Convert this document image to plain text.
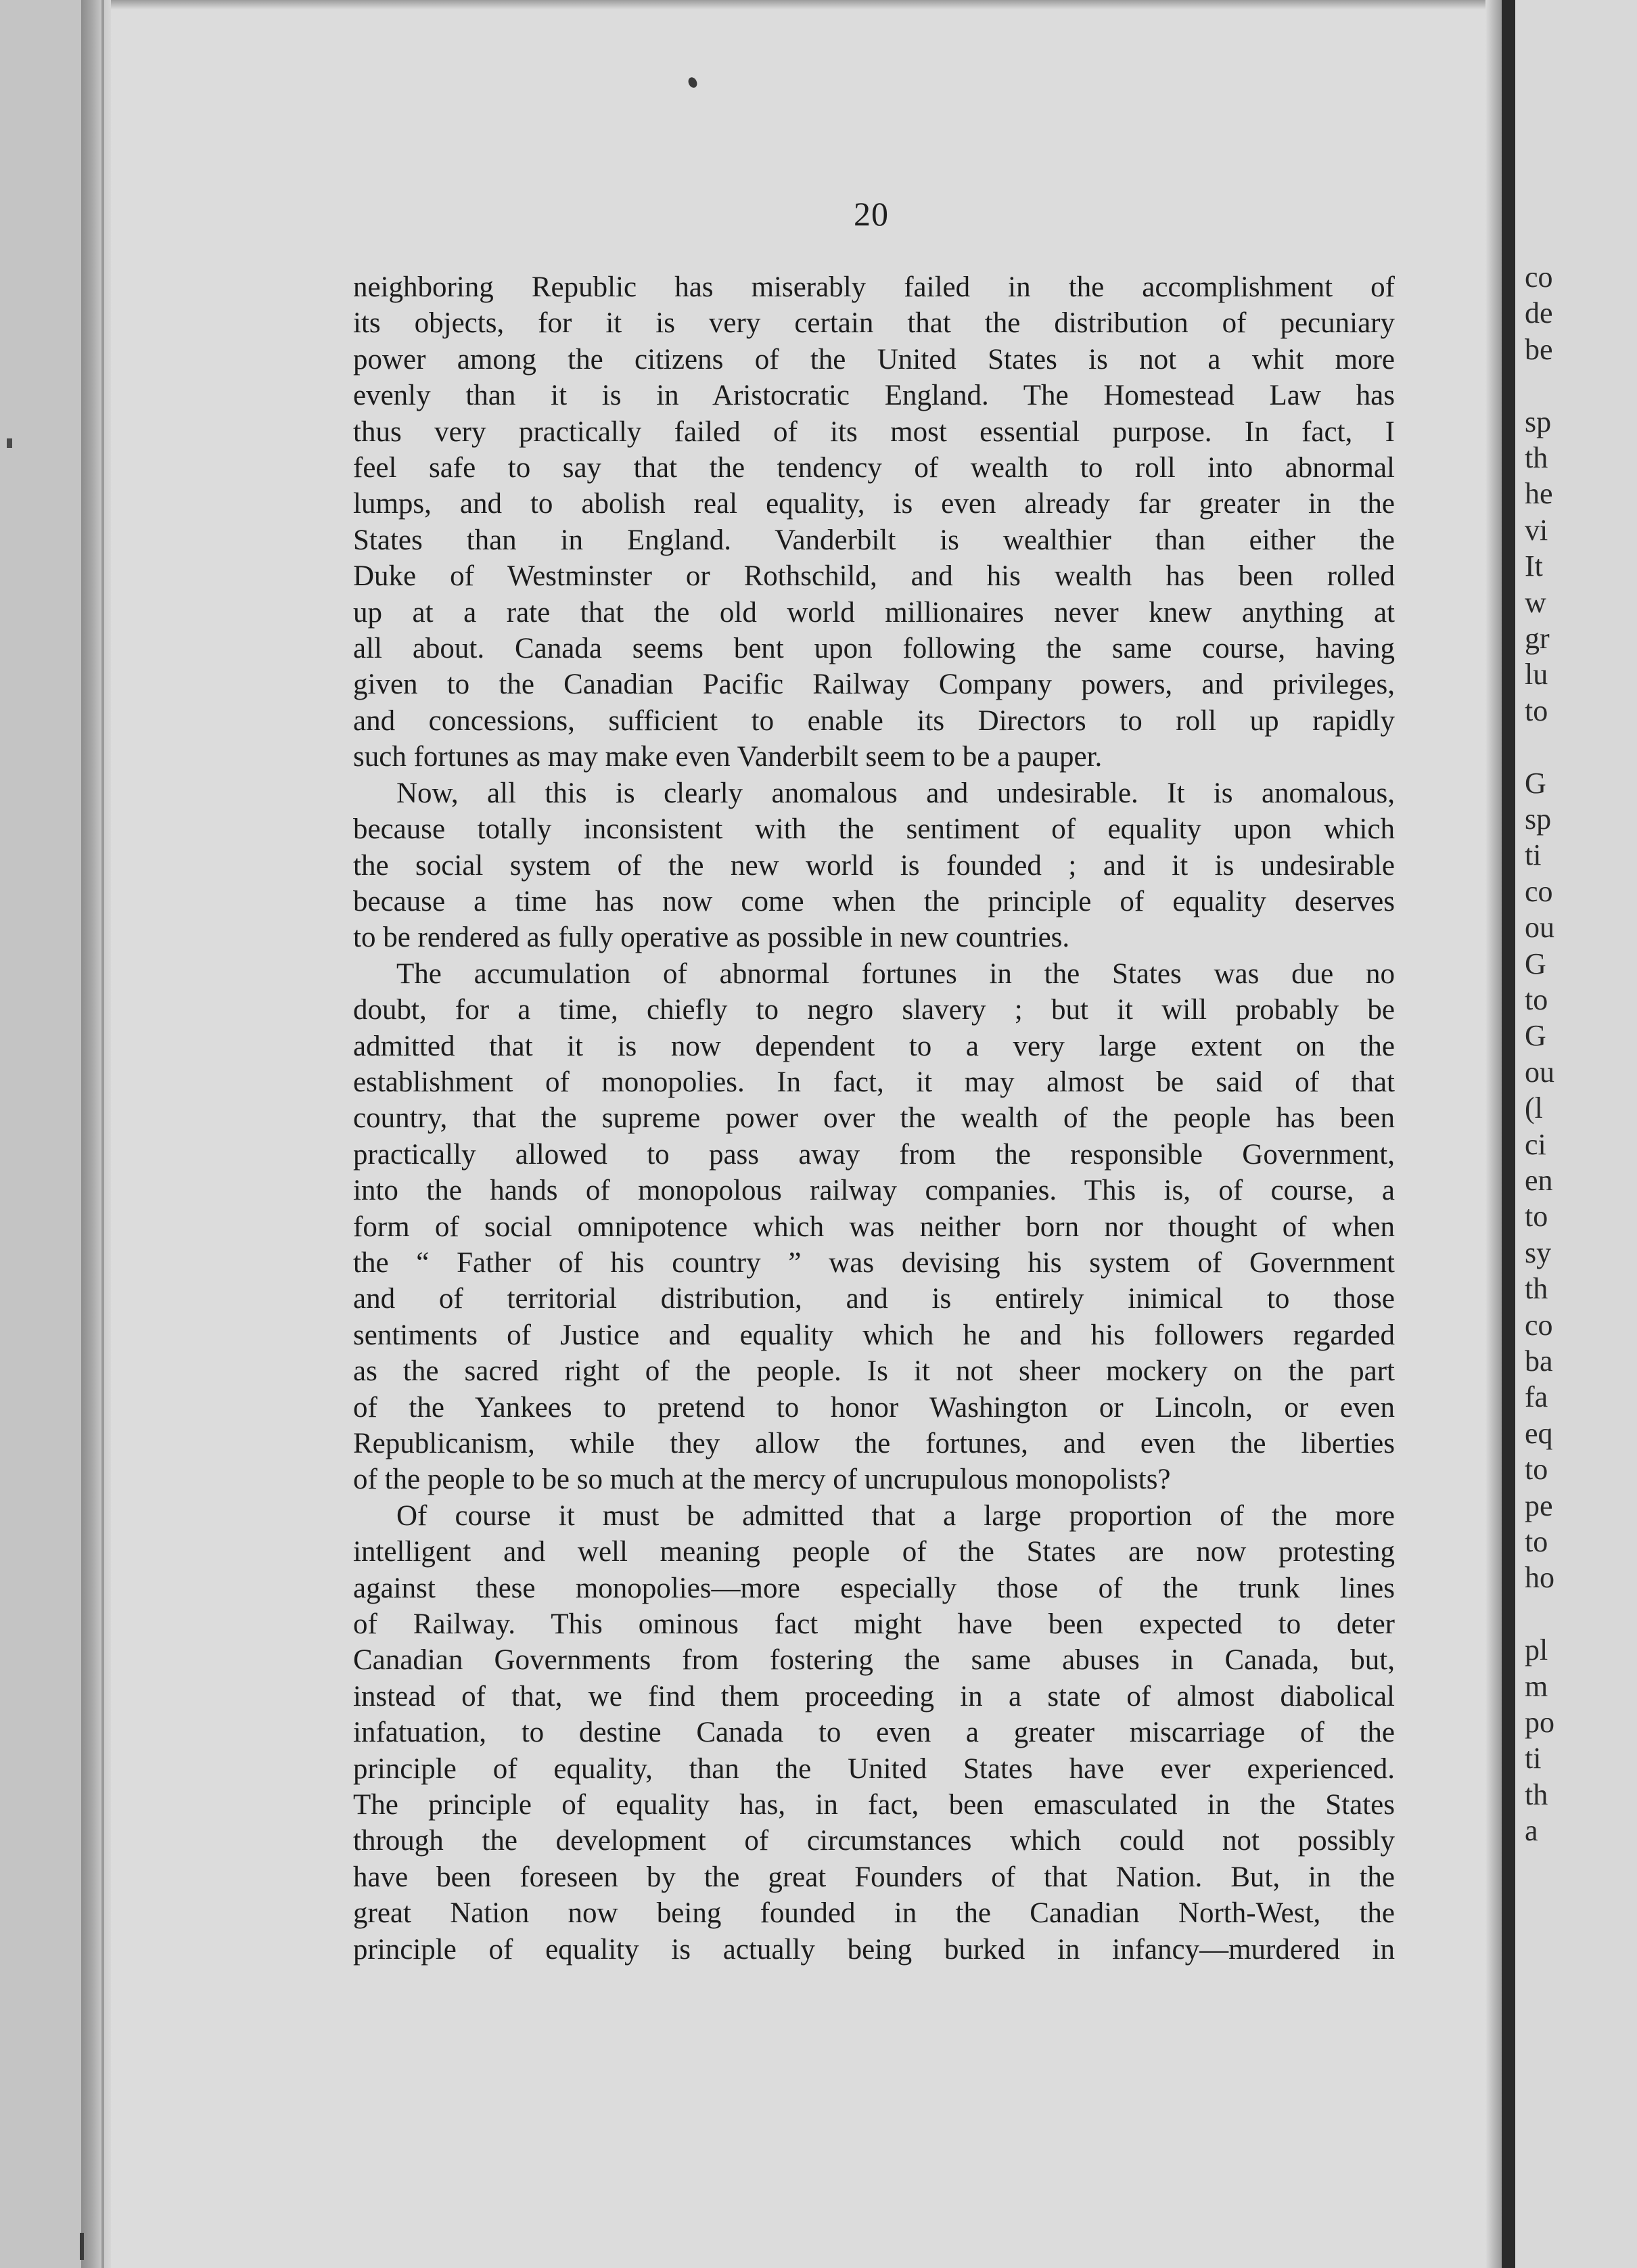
co
de
be
sp
th
he
vi
It
w
gr
lu
to
G
sp
ti
co
ou
G
to
G
ou
(l
ci
en
to
sy
th
co
ba
fa
eq
to
pe
to
ho
pl
m
po
ti
th
a
20
neighboring Republic has miserably failed in the accomplishment of
its objects, for it is very certain that the distribution of pecuniary
power among the citizens of the United States is not a whit more
evenly than it is in Aristocratic England. The Homestead Law has
thus very practically failed of its most essential purpose. In fact, I
feel safe to say that the tendency of wealth to roll into abnormal
lumps, and to abolish real equality, is even already far greater in the
States than in England. Vanderbilt is wealthier than either the
Duke of Westminster or Rothschild, and his wealth has been rolled
up at a rate that the old world millionaires never knew anything at
all about. Canada seems bent upon following the same course, having
given to the Canadian Pacific Railway Company powers, and privileges,
and concessions, sufficient to enable its Directors to roll up rapidly
such fortunes as may make even Vanderbilt seem to be a pauper.
Now, all this is clearly anomalous and undesirable. It is anomalous,
because totally inconsistent with the sentiment of equality upon which
the social system of the new world is founded ; and it is undesirable
because a time has now come when the principle of equality deserves
to be rendered as fully operative as possible in new countries.
The accumulation of abnormal fortunes in the States was due no
doubt, for a time, chiefly to negro slavery ; but it will probably be
admitted that it is now dependent to a very large extent on the
establishment of monopolies. In fact, it may almost be said of that
country, that the supreme power over the wealth of the people has been
practically allowed to pass away from the responsible Government,
into the hands of monopolous railway companies. This is, of course, a
form of social omnipotence which was neither born nor thought of when
the “ Father of his country ” was devising his system of Government
and of territorial distribution, and is entirely inimical to those
sentiments of Justice and equality which he and his followers regarded
as the sacred right of the people. Is it not sheer mockery on the part
of the Yankees to pretend to honor Washington or Lincoln, or even
Republicanism, while they allow the fortunes, and even the liberties
of the people to be so much at the mercy of uncrupulous monopolists?
Of course it must be admitted that a large proportion of the more
intelligent and well meaning people of the States are now protesting
against these monopolies—more especially those of the trunk lines
of Railway. This ominous fact might have been expected to deter
Canadian Governments from fostering the same abuses in Canada, but,
instead of that, we find them proceeding in a state of almost diabolical
infatuation, to destine Canada to even a greater miscarriage of the
principle of equality, than the United States have ever experienced.
The principle of equality has, in fact, been emasculated in the States
through the development of circumstances which could not possibly
have been foreseen by the great Founders of that Nation. But, in the
great Nation now being founded in the Canadian North-West, the
principle of equality is actually being burked in infancy—murdered in
